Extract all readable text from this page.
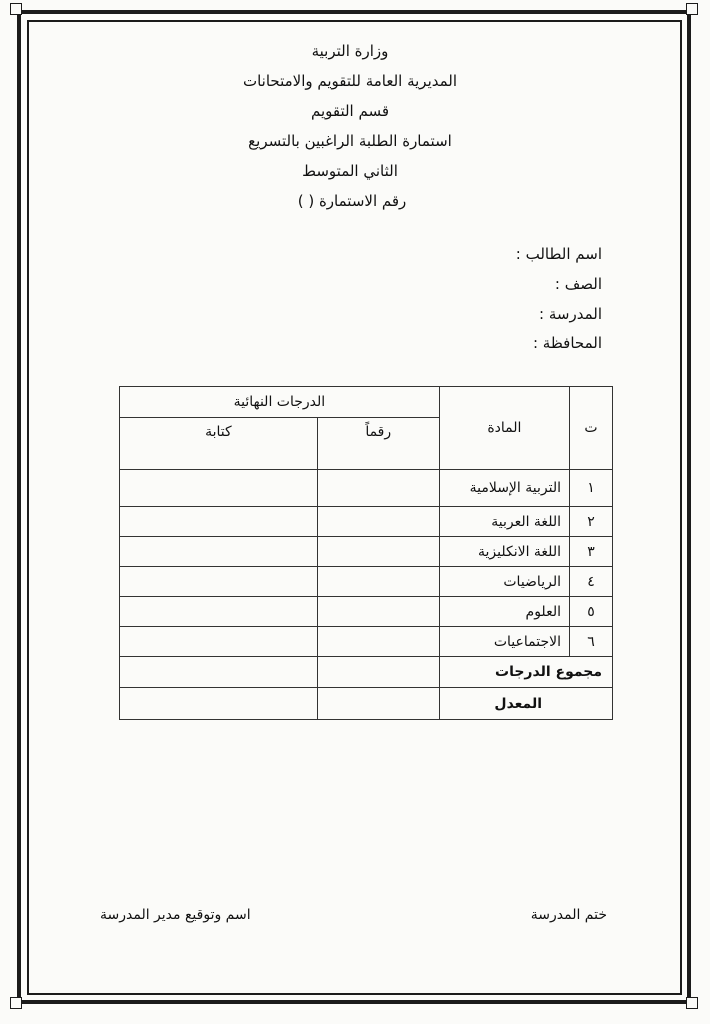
وزارة التربية
المديرية العامة للتقويم والامتحانات
قسم التقويم
استمارة الطلبة الراغبين بالتسريع
الثاني المتوسط
رقم الاستمارة ( )
اسم الطالب :
الصف :
المدرسة :
المحافظة :
ت	المادة	الدرجات النهائية	
		رقماً	كتابة
١	التربية الإسلامية		
٢	اللغة العربية		
٣	اللغة الانكليزية		
٤	الرياضيات		
٥	العلوم		
٦	الاجتماعيات		
مجموع الدرجات			
المعدل			
ختم المدرسة
اسم وتوقيع مدير المدرسة
